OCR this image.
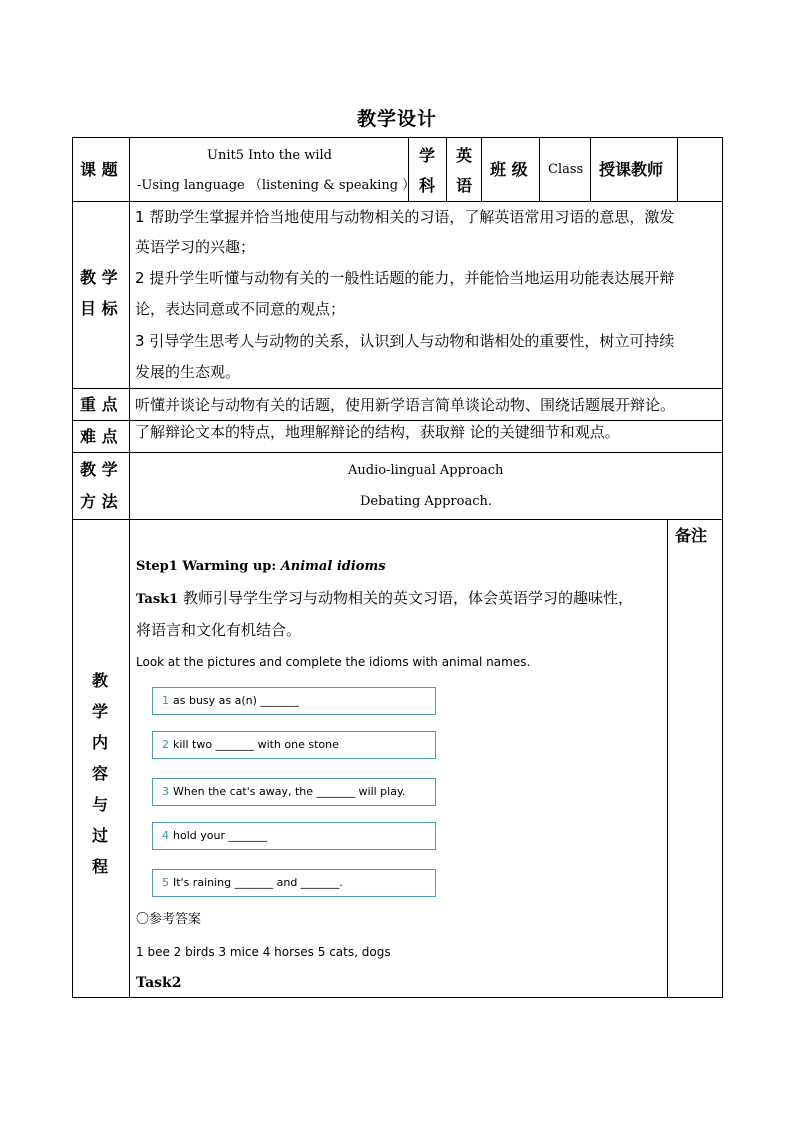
教学设计
课 题
Unit5 Into the wild
-Using language （listening & speaking ）
学
科
英
语
班 级 Class 授课教师
教 学
目 标
1 帮助学生掌握并恰当地使用与动物相关的习语，了解英语常用习语的意思，激发
英语学习的兴趣；
2 提升学生听懂与动物有关的一般性话题的能力，并能恰当地运用功能表达展开辩
论，表达同意或不同意的观点；
3 引导学生思考人与动物的关系，认识到人与动物和谐相处的重要性，树立可持续
发展的生态观。
重 点 听懂并谈论与动物有关的话题，使用新学语言简单谈论动物、围绕话题展开辩论。
难 点 了解辩论文本的特点，地理解辩论的结构，获取辩 论的关键细节和观点。
教 学
方 法
Audio-lingual Approach
Debating Approach.
教
学
内
容
与
过
程
备注
Step1 Warming up: Animal idioms
Task1 教师引导学生学习与动物相关的英文习语，体会英语学习的趣味性，
将语言和文化有机结合。
Look at the pictures and complete the idioms with animal names.
1 as busy as a(n) _______
2 kill two _______ with one stone
3 When the cat's away, the _______ will play.
4 hold your _______
5 It's raining _______ and _______.
〇参考答案
1 bee 2 birds 3 mice 4 horses 5 cats, dogs
Task2
